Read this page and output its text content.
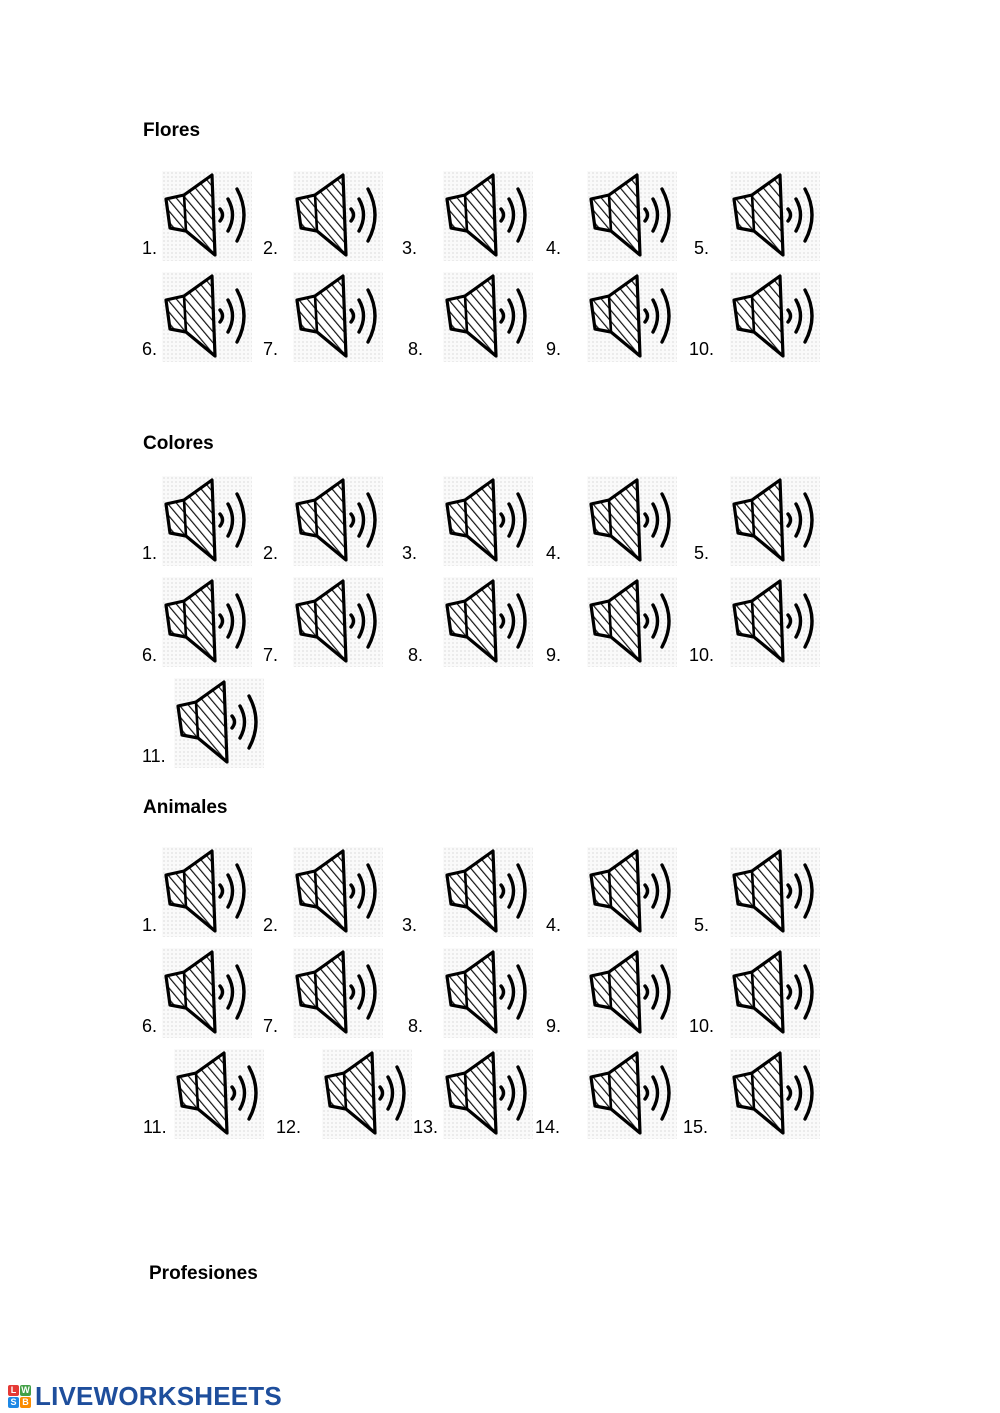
Flores
Colores
Animales
Profesiones
1.	2.	3.	4.	5.
6.	7.	8.	9.	10.
1.	2.	3.	4.	5.
6.	7.	8.	9.	10.
11.
1.	2.	3.	4.	5.
6.	7.	8.	9.	10.
11.	12.	13.	14.	15.
L W
S B LIVEWORKSHEETS
